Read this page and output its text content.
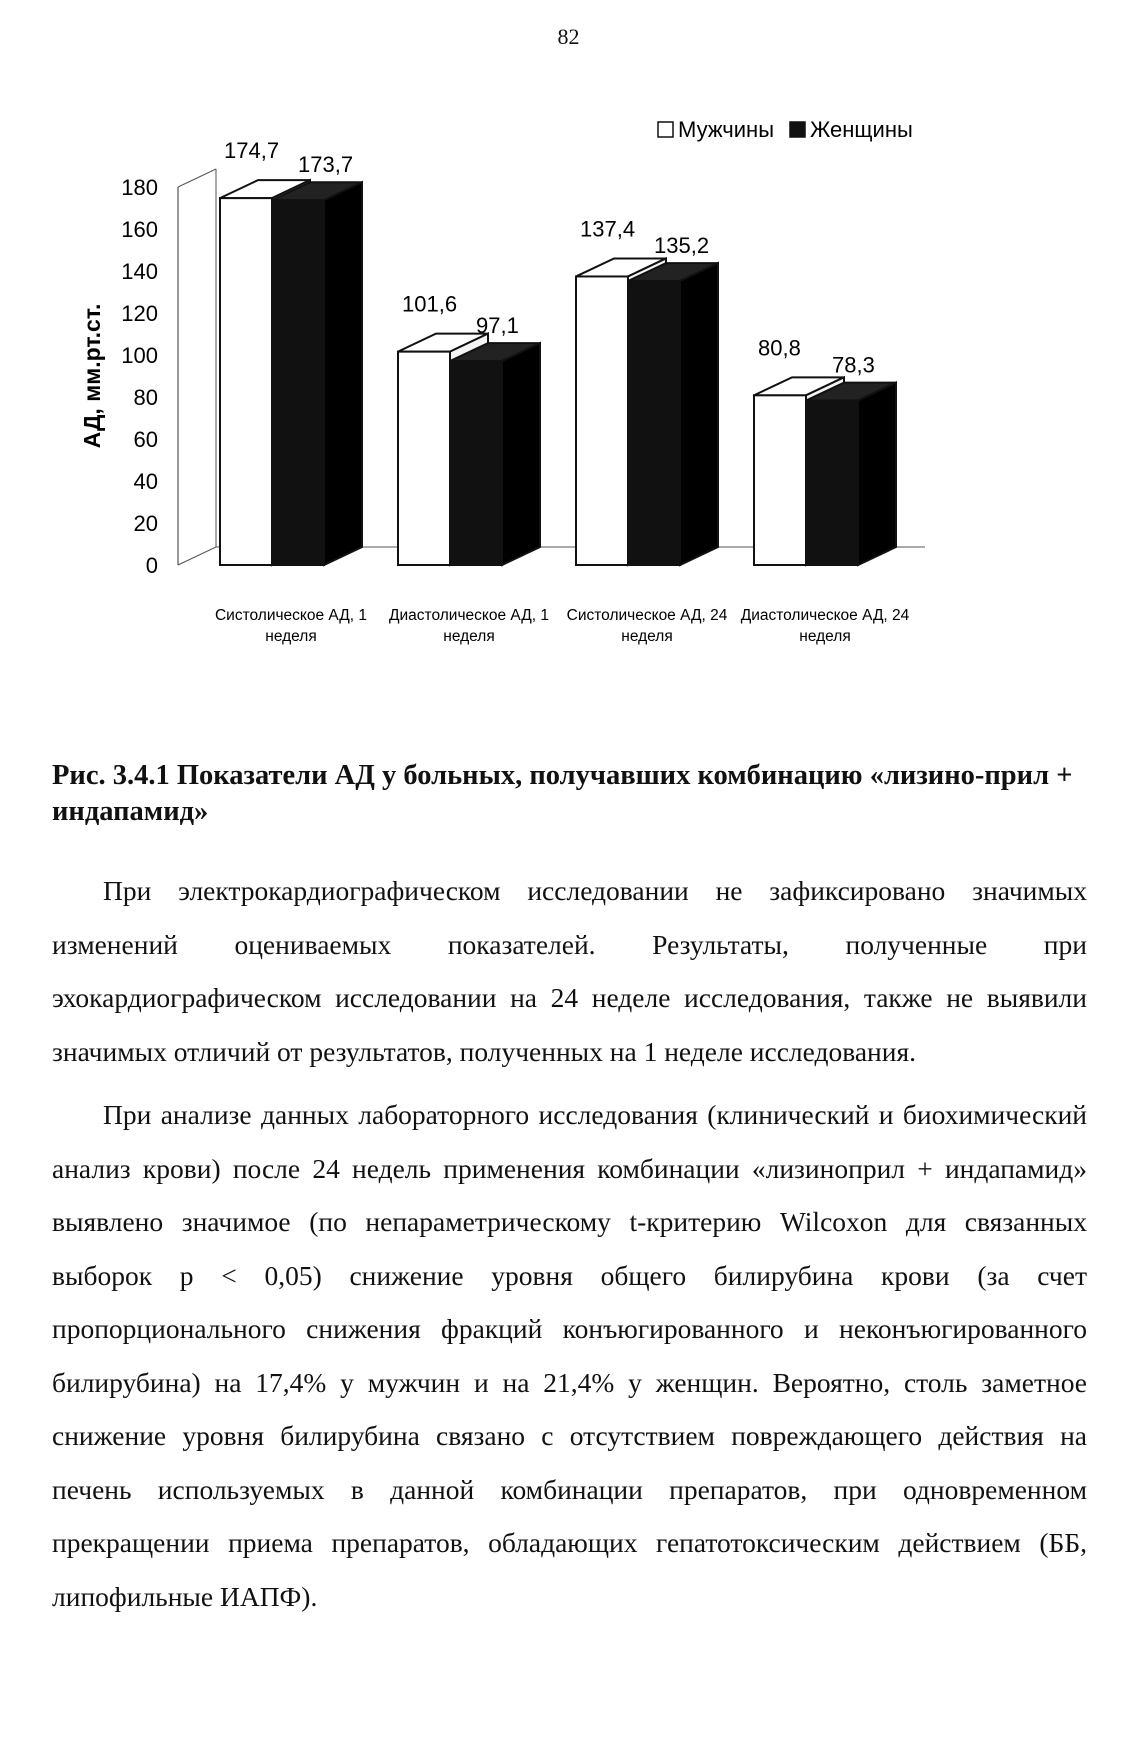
82
0
20
40
60
80
100
120
140
160
180
АД, мм.рт.ст.
174,7
173,7
Систолическое АД, 1
неделя
101,6
97,1
Диастолическое АД, 1
неделя
137,4
135,2
Систолическое АД, 24
неделя
80,8
78,3
Диастолическое АД, 24
неделя
Мужчины Женщины
Рис. 3.4.1 Показатели АД у больных, получавших комбинацию «лизино-прил + индапамид»

При электрокардиографическом исследовании не зафиксировано значимых изменений оцениваемых показателей. Результаты, полученные при эхокардиографическом исследовании на 24 неделе исследования, также не выявили значимых отличий от результатов, полученных на 1 неделе исследования.

При анализе данных лабораторного исследования (клинический и биохимический анализ крови) после 24 недель применения комбинации «лизиноприл + индапамид» выявлено значимое (по непараметрическому t-критерию Wilcoxon для связанных выборок p < 0,05) снижение уровня общего билирубина крови (за счет пропорционального снижения фракций конъюгированного и неконъюгированного билирубина) на 17,4% у мужчин и на 21,4% у женщин. Вероятно, столь заметное снижение уровня билирубина связано с отсутствием повреждающего действия на печень используемых в данной комбинации препаратов, при одновременном прекращении приема препаратов, обладающих гепатотоксическим действием (ББ, липофильные ИАПФ).
